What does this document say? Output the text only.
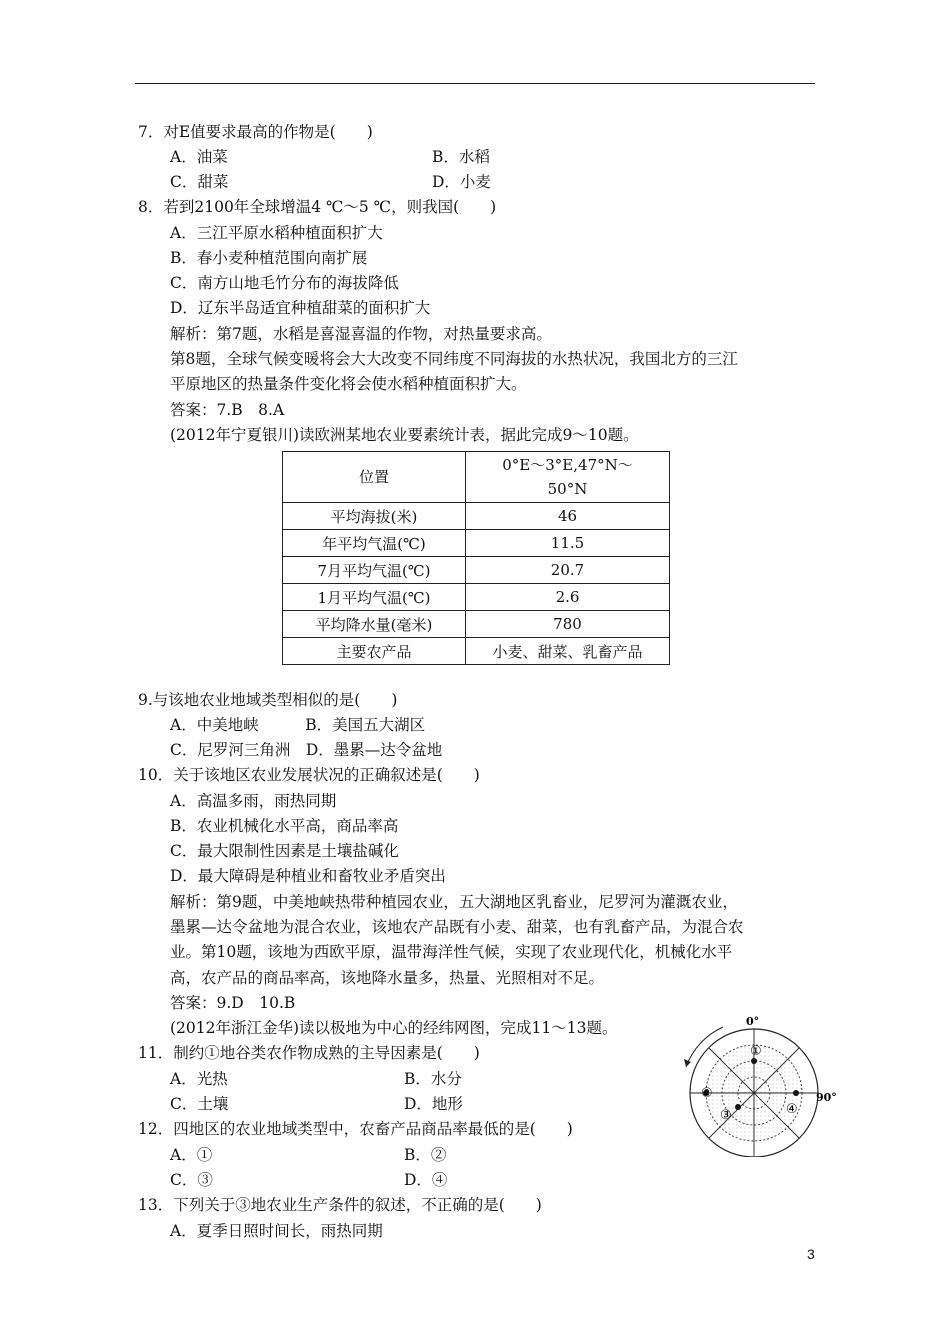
7．对E值要求最高的作物是(　　)
A．油菜	B．水稻
C．甜菜	D．小麦
8．若到2100年全球增温4 ℃～5 ℃，则我国(　　)
A．三江平原水稻种植面积扩大
B．春小麦种植范围向南扩展
C．南方山地毛竹分布的海拔降低
D．辽东半岛适宜种植甜菜的面积扩大
解析：第7题，水稻是喜湿喜温的作物，对热量要求高。
第8题，全球气候变暖将会大大改变不同纬度不同海拔的水热状况，我国北方的三江
平原地区的热量条件变化将会使水稻种植面积扩大。
答案：7.B　8.A
(2012年宁夏银川)读欧洲某地农业要素统计表，据此完成9～10题。
位置	0°E～3°E,47°N～
50°N
平均海拔(米)	46
年平均气温(℃)	11.5
7月平均气温(℃)	20.7
1月平均气温(℃)	2.6
平均降水量(毫米)	780
主要农产品	小麦、甜菜、乳畜产品
9.与该地农业地域类型相似的是(　　)
A．中美地峡　　　B．美国五大湖区
C．尼罗河三角洲　D．墨累—达令盆地
10．关于该地区农业发展状况的正确叙述是(　　)
A．高温多雨，雨热同期
B．农业机械化水平高，商品率高
C．最大限制性因素是土壤盐碱化
D．最大障碍是种植业和畜牧业矛盾突出
解析：第9题，中美地峡热带种植园农业，五大湖地区乳畜业，尼罗河为灌溉农业，
墨累—达令盆地为混合农业，该地农产品既有小麦、甜菜，也有乳畜产品，为混合农
业。第10题，该地为西欧平原，温带海洋性气候，实现了农业现代化，机械化水平
高，农产品的商品率高，该地降水量多，热量、光照相对不足。
答案：9.D　10.B
(2012年浙江金华)读以极地为中心的经纬网图，完成11～13题。
11．制约①地谷类农作物成熟的主导因素是(　　)
A．光热	B．水分
C．土壤	D．地形
12．四地区的农业地域类型中，农畜产品商品率最低的是(　　)
A．①	B．②
C．③	D．④
13．下列关于③地农业生产条件的叙述，不正确的是(　　)
A．夏季日照时间长，雨热同期
0°
90°
①
②
③	④
3
